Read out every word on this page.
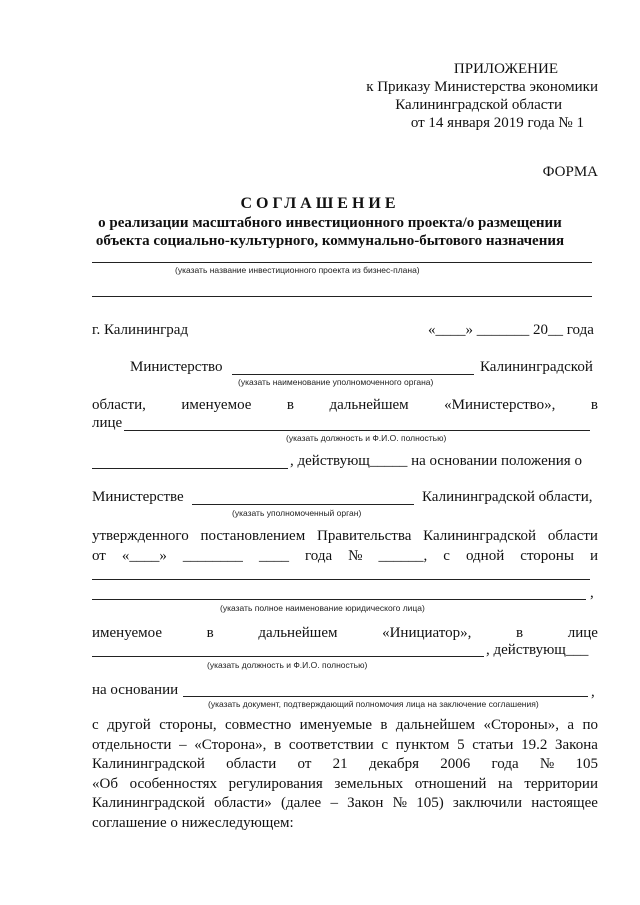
ПРИЛОЖЕНИЕ
к Приказу Министерства экономики
Калининградской области
от 14 января 2019 года № 1
ФОРМА
СОГЛАШЕНИЕ
о реализации масштабного инвестиционного проекта/о размещении
объекта социально-культурного, коммунально-бытового назначения
(указать название инвестиционного проекта из бизнес-плана)
г. Калининград	«____» _______ 20__ года
Министерство	Калининградской
(указать наименование уполномоченного органа)
области, именуемое в дальнейшем «Министерство», в
лице
(указать должность и Ф.И.О. полностью)
, действующ_____ на основании положения о
Министерстве	Калининградской области,
(указать уполномоченный орган)
утвержденного постановлением Правительства Калининградской области
от «____» ________ ____ года № ______, с одной стороны и
,
(указать полное наименование юридического лица)
именуемое	в	дальнейшем	«Инициатор»,	в	лице
, действующ___
(указать должность и Ф.И.О. полностью)
на основании	,
(указать документ, подтверждающий полномочия лица на заключение соглашения)
с другой стороны, совместно именуемые в дальнейшем «Стороны», а по
отдельности – «Сторона», в соответствии с пунктом 5 статьи 19.2 Закона
Калининградской области от 21 декабря 2006 года № 105
«Об особенностях регулирования земельных отношений на территории
Калининградской области» (далее – Закон № 105) заключили настоящее
соглашение о нижеследующем:
